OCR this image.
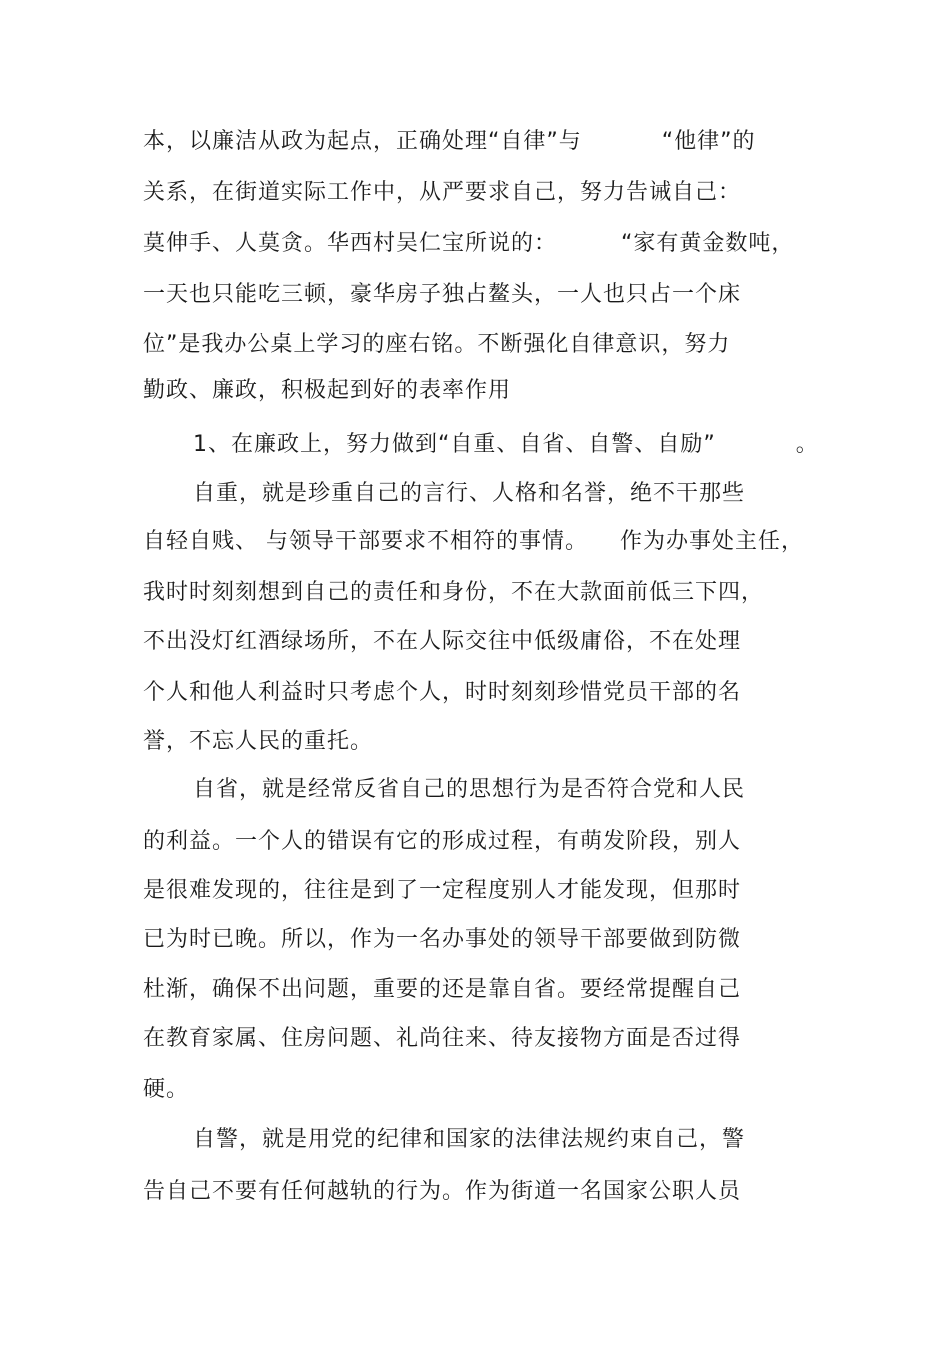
本，以廉洁从政为起点，正确处理“自律”与          “他律”的
关系，在街道实际工作中，从严要求自己，努力告诫自己：
莫伸手、人莫贪。华西村吴仁宝所说的：        “家有黄金数吨，
一天也只能吃三顿，豪华房子独占鳌头，一人也只占一个床
位”是我办公桌上学习的座右铭。不断强化自律意识，努力
勤政、廉政，积极起到好的表率作用
1、在廉政上，努力做到“自重、自省、自警、自励”          。
自重，就是珍重自己的言行、人格和名誉，绝不干那些
自轻自贱、 与领导干部要求不相符的事情。    作为办事处主任，
我时时刻刻想到自己的责任和身份，不在大款面前低三下四，
不出没灯红酒绿场所，不在人际交往中低级庸俗，不在处理
个人和他人利益时只考虑个人，时时刻刻珍惜党员干部的名
誉，不忘人民的重托。
自省，就是经常反省自己的思想行为是否符合党和人民
的利益。一个人的错误有它的形成过程，有萌发阶段，别人
是很难发现的，往往是到了一定程度别人才能发现，但那时
已为时已晚。所以，作为一名办事处的领导干部要做到防微
杜渐，确保不出问题，重要的还是靠自省。要经常提醒自己
在教育家属、住房问题、礼尚往来、待友接物方面是否过得
硬。
自警，就是用党的纪律和国家的法律法规约束自己，警
告自己不要有任何越轨的行为。作为街道一名国家公职人员
